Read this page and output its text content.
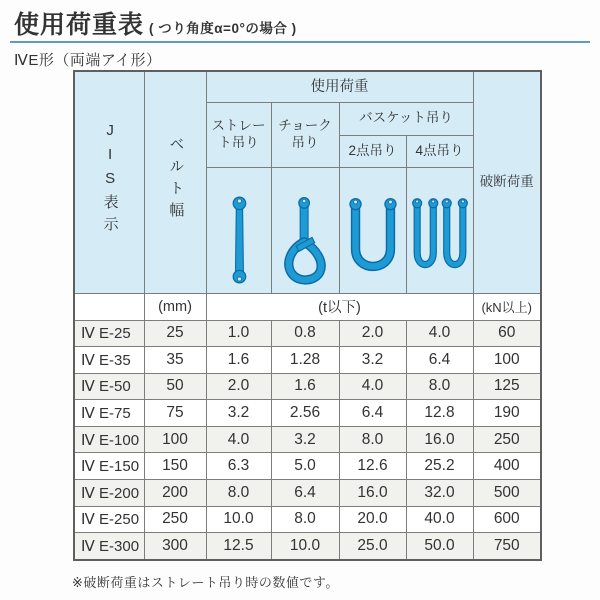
使用荷重表 ( つり角度α=0°の場合 )
ⅣE形（両端アイ形）
JIS表示	ベルト幅	使用荷重				破断荷重
		ストレート吊り	チョーク吊り	バスケット吊り		
				2点吊り	4点吊り	

	(mm)	(t以下)				(kN以上)
Ⅳ E-25	25	1.0	0.8	2.0	4.0	60
Ⅳ E-35	35	1.6	1.28	3.2	6.4	100
Ⅳ E-50	50	2.0	1.6	4.0	8.0	125
Ⅳ E-75	75	3.2	2.56	6.4	12.8	190
Ⅳ E-100	100	4.0	3.2	8.0	16.0	250
Ⅳ E-150	150	6.3	5.0	12.6	25.2	400
Ⅳ E-200	200	8.0	6.4	16.0	32.0	500
Ⅳ E-250	250	10.0	8.0	20.0	40.0	600
Ⅳ E-300	300	12.5	10.0	25.0	50.0	750
※破断荷重はストレート吊り時の数値です。
